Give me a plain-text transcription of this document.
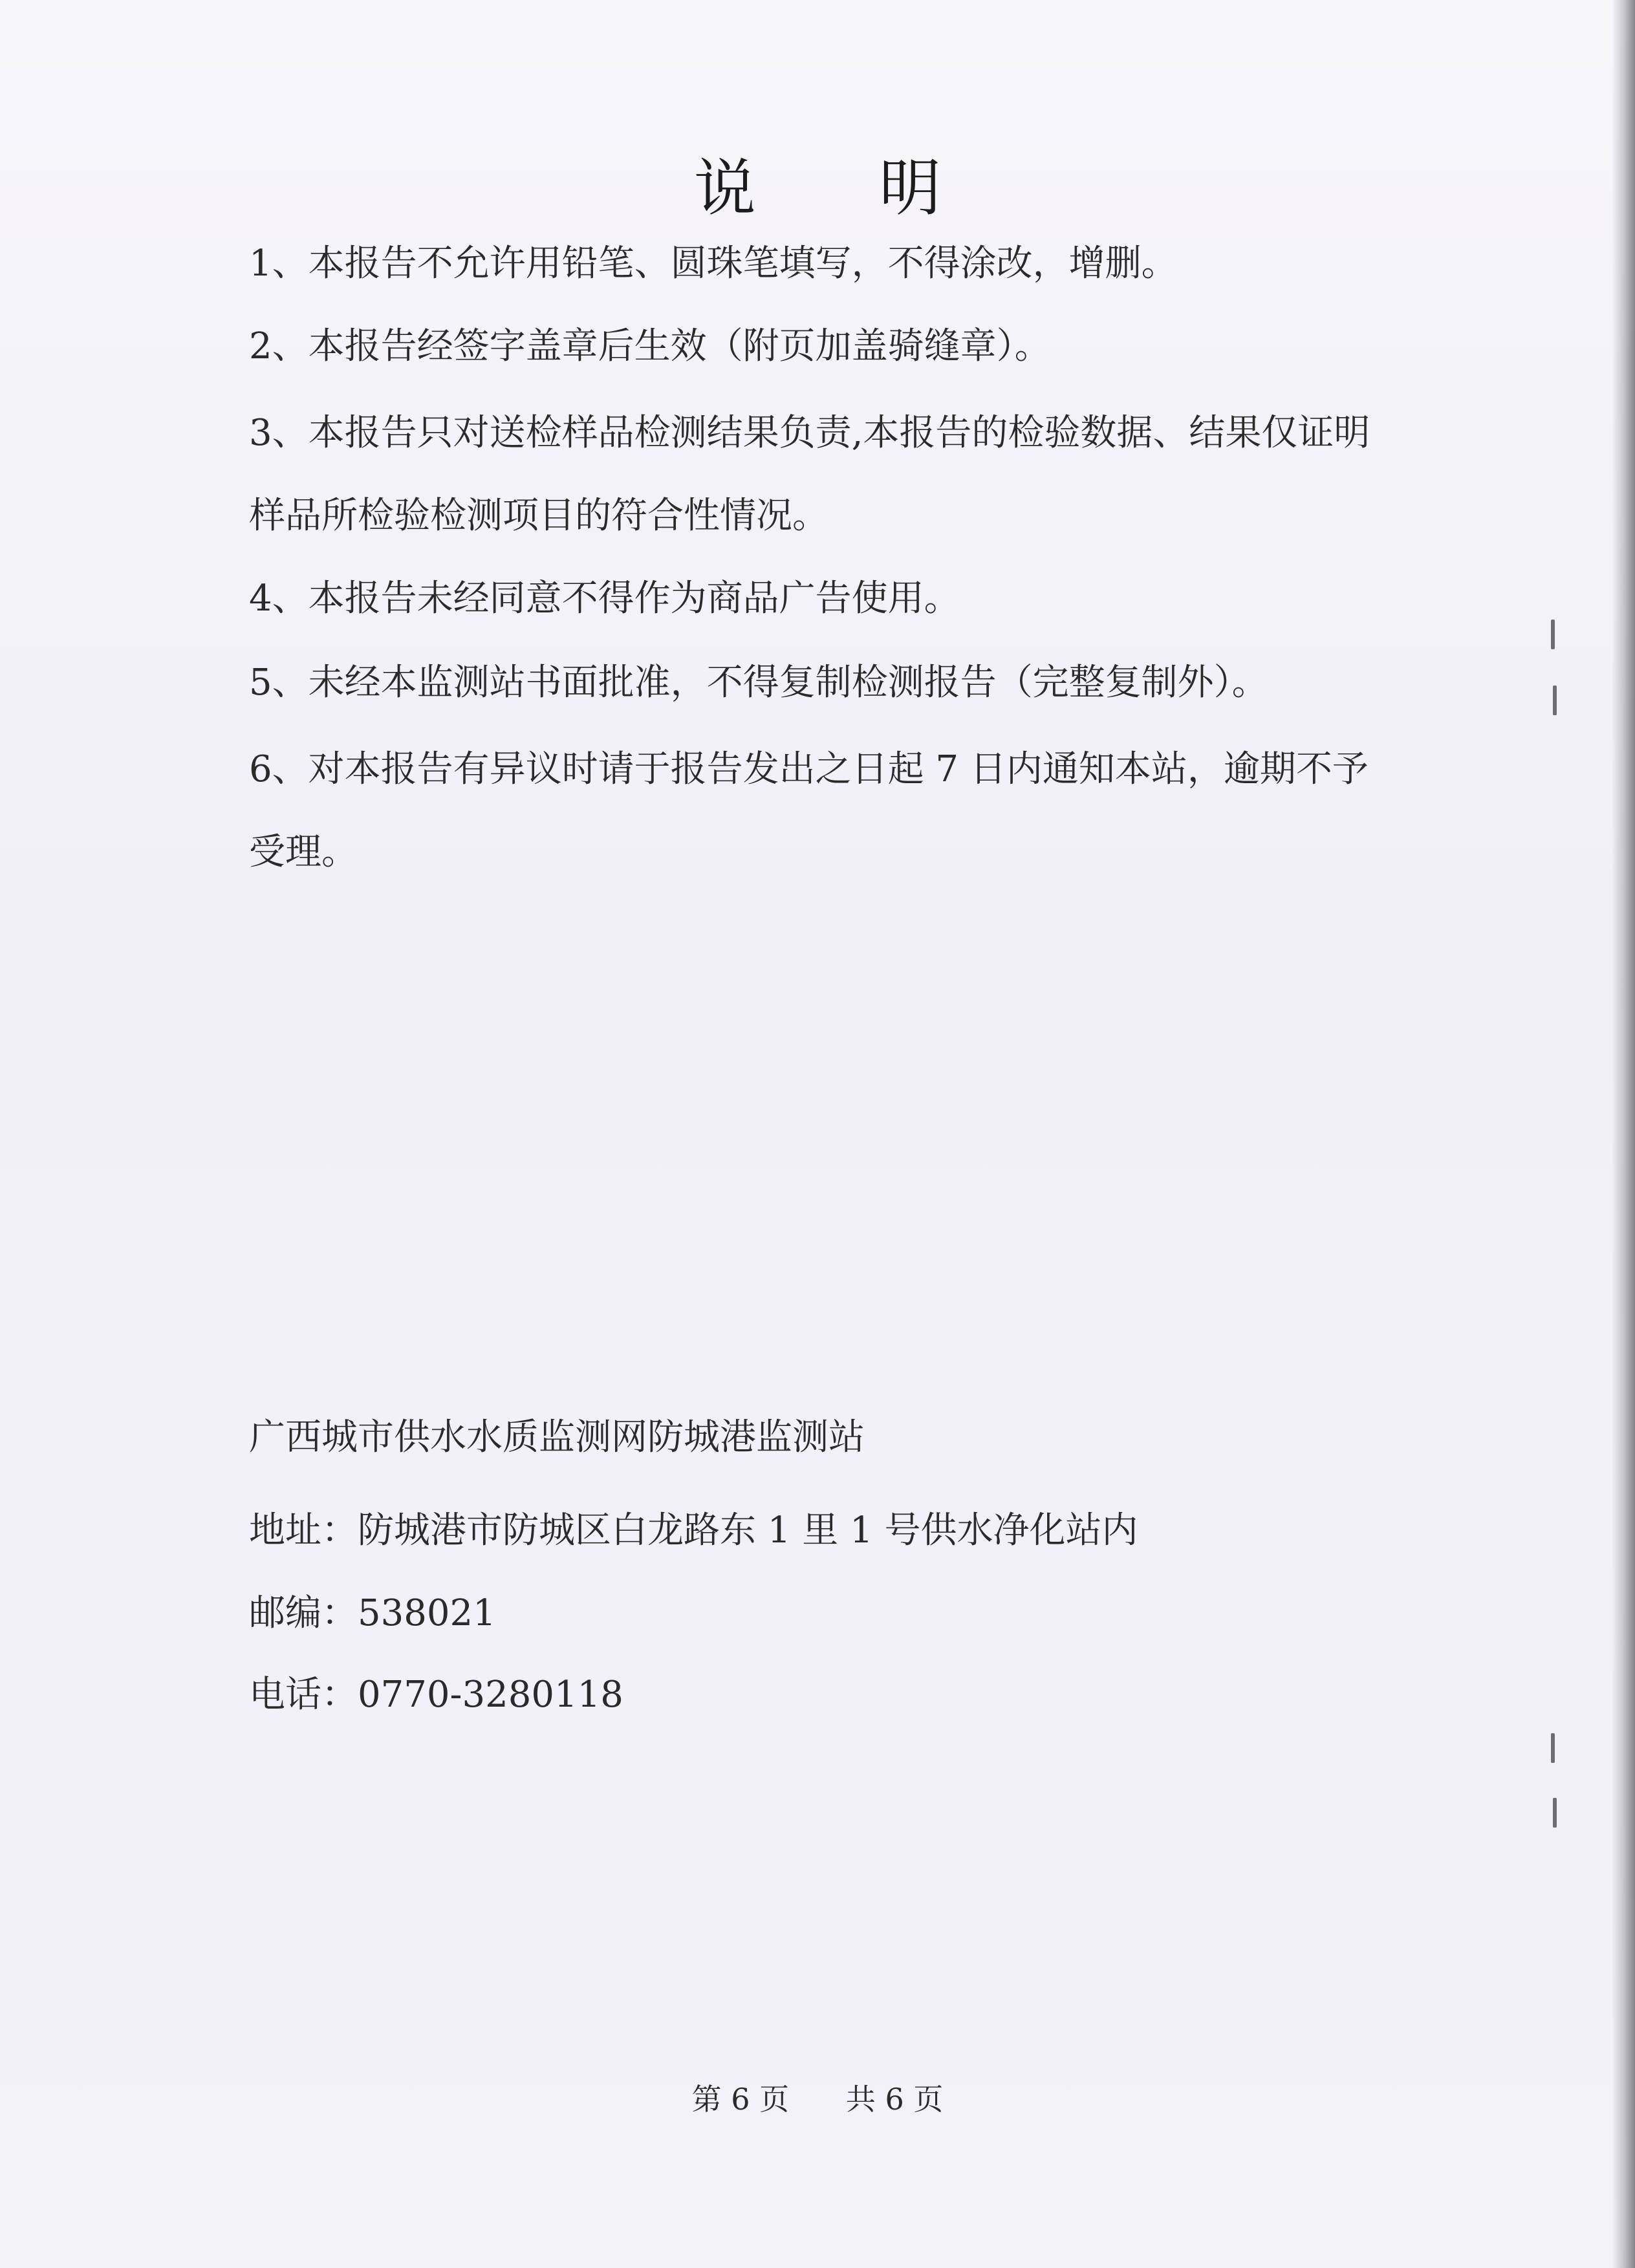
说 明
1、本报告不允许用铅笔、圆珠笔填写，不得涂改，增删。
2、本报告经签字盖章后生效（附页加盖骑缝章）。
3、本报告只对送检样品检测结果负责,本报告的检验数据、结果仅证明样品所检验检测项目的符合性情况。
4、本报告未经同意不得作为商品广告使用。
5、未经本监测站书面批准，不得复制检测报告（完整复制外）。
6、对本报告有异议时请于报告发出之日起 7 日内通知本站，逾期不予受理。
广西城市供水水质监测网防城港监测站
地址：防城港市防城区白龙路东 1 里 1 号供水净化站内
邮编：538021
电话：0770-3280118
第 6 页 共 6 页
